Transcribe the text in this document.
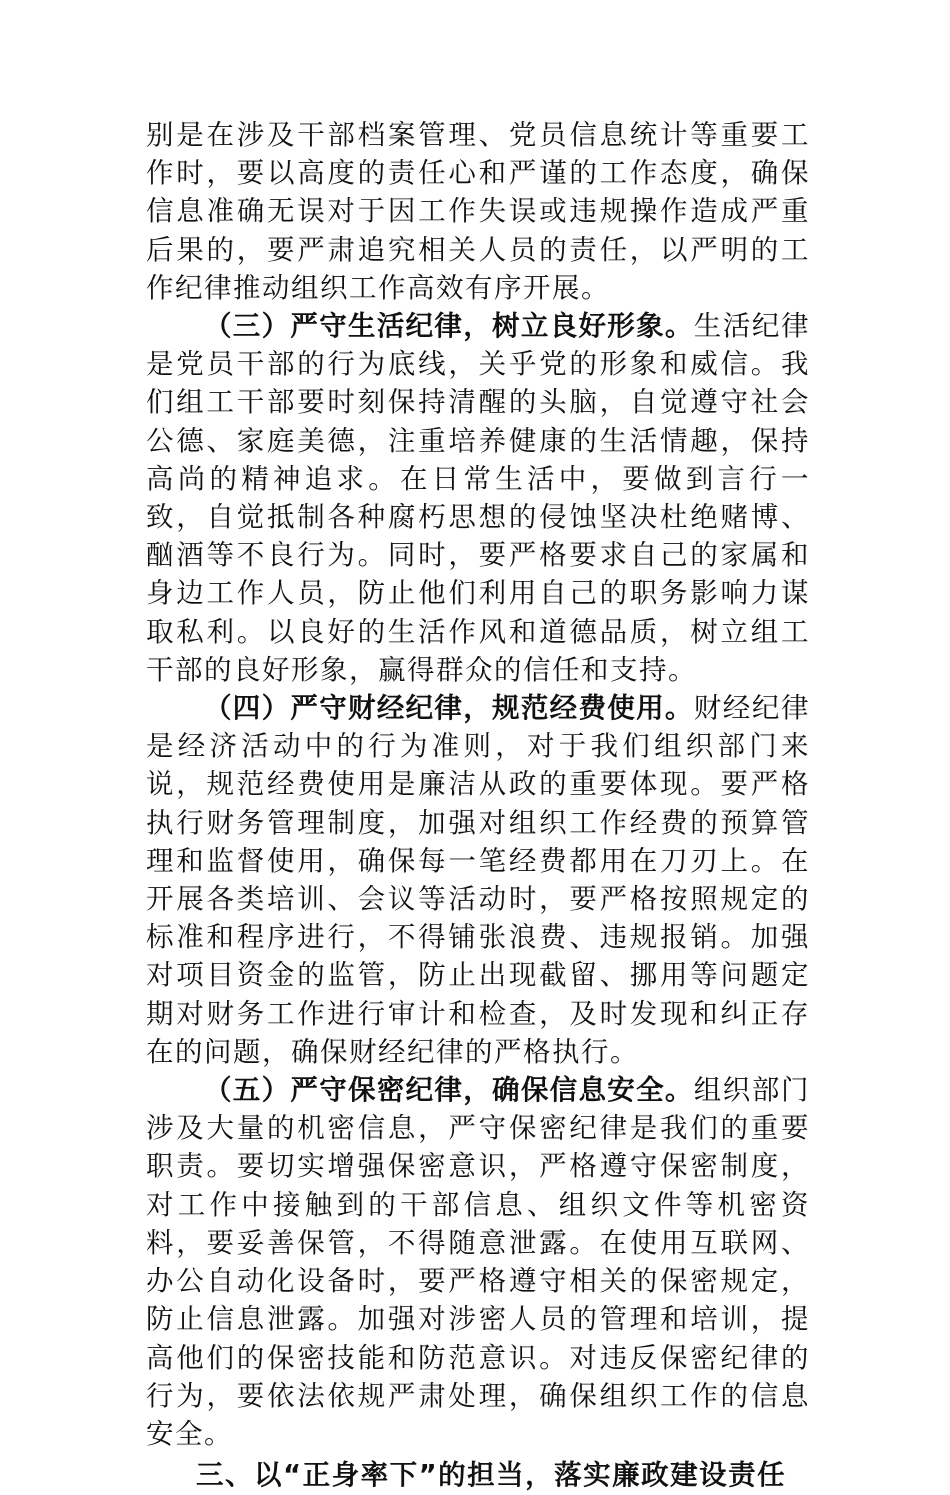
别是在涉及干部档案管理、党员信息统计等重要工作时，要以高度的责任心和严谨的工作态度，确保信息准确无误对于因工作失误或违规操作造成严重后果的，要严肃追究相关人员的责任，以严明的工作纪律推动组织工作高效有序开展。

（三）严守生活纪律，树立良好形象。生活纪律是党员干部的行为底线，关乎党的形象和威信。我们组工干部要时刻保持清醒的头脑，自觉遵守社会公德、家庭美德，注重培养健康的生活情趣，保持高尚的精神追求。在日常生活中，要做到言行一致，自觉抵制各种腐朽思想的侵蚀坚决杜绝赌博、酗酒等不良行为。同时，要严格要求自己的家属和身边工作人员，防止他们利用自己的职务影响力谋取私利。以良好的生活作风和道德品质，树立组工干部的良好形象，赢得群众的信任和支持。

（四）严守财经纪律，规范经费使用。财经纪律是经济活动中的行为准则，对于我们组织部门来说，规范经费使用是廉洁从政的重要体现。要严格执行财务管理制度，加强对组织工作经费的预算管理和监督使用，确保每一笔经费都用在刀刃上。在开展各类培训、会议等活动时，要严格按照规定的标准和程序进行，不得铺张浪费、违规报销。加强对项目资金的监管，防止出现截留、挪用等问题定期对财务工作进行审计和检查，及时发现和纠正存在的问题，确保财经纪律的严格执行。

（五）严守保密纪律，确保信息安全。组织部门涉及大量的机密信息，严守保密纪律是我们的重要职责。要切实增强保密意识，严格遵守保密制度，对工作中接触到的干部信息、组织文件等机密资料，要妥善保管，不得随意泄露。在使用互联网、办公自动化设备时，要严格遵守相关的保密规定，防止信息泄露。加强对涉密人员的管理和培训，提高他们的保密技能和防范意识。对违反保密纪律的行为，要依法依规严肃处理，确保组织工作的信息安全。

三、以“正身率下”的担当，落实廉政建设责任
